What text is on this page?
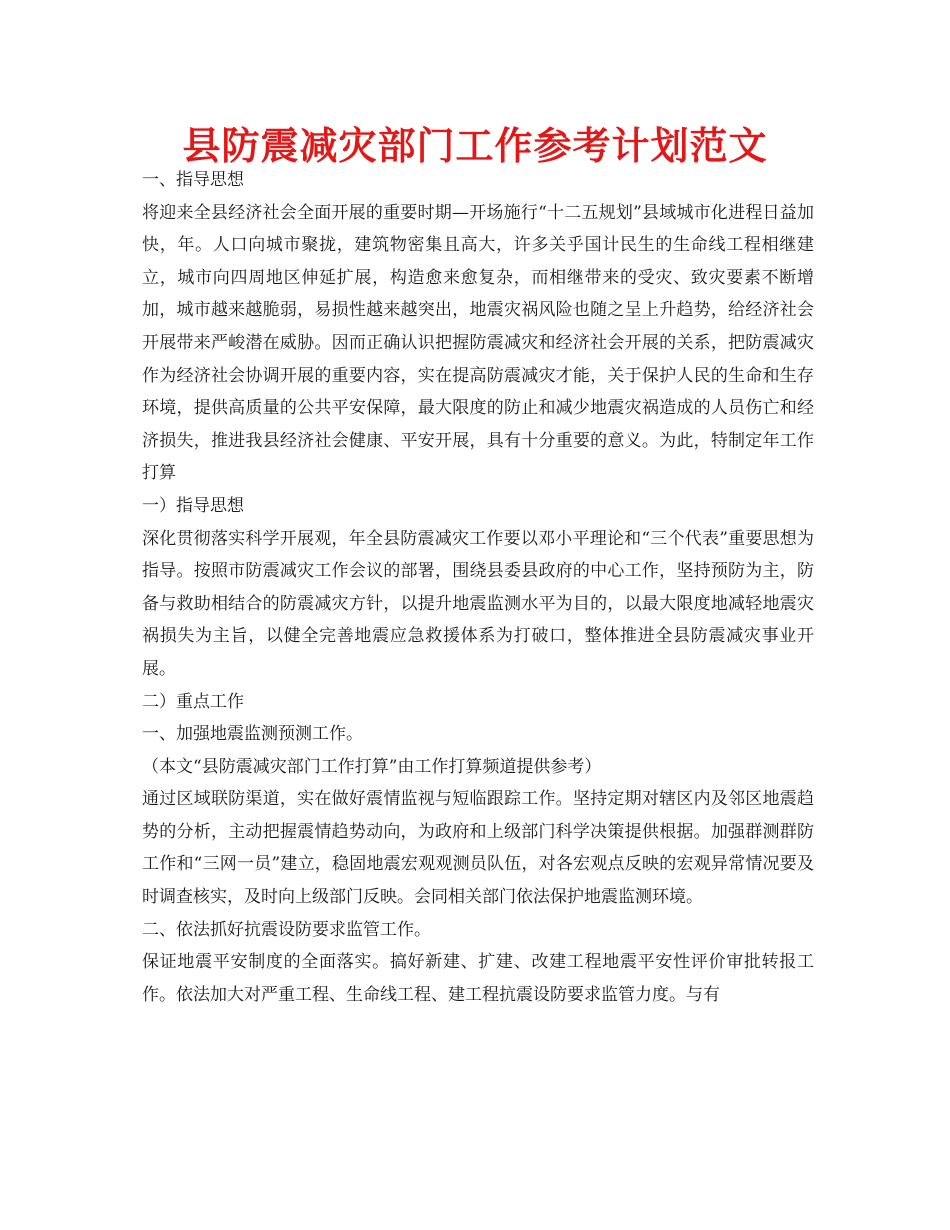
县防震减灾部门工作参考计划范文

一、指导思想

将迎来全县经济社会全面开展的重要时期—开场施行“十二五规划”县域城市化进程日益加快，年。人口向城市聚拢，建筑物密集且高大，许多关乎国计民生的生命线工程相继建立，城市向四周地区伸延扩展，构造愈来愈复杂，而相继带来的受灾、致灾要素不断增加，城市越来越脆弱，易损性越来越突出，地震灾祸风险也随之呈上升趋势，给经济社会开展带来严峻潜在威胁。因而正确认识把握防震减灾和经济社会开展的关系，把防震减灾作为经济社会协调开展的重要内容，实在提高防震减灾才能，关于保护人民的生命和生存环境，提供高质量的公共平安保障，最大限度的防止和减少地震灾祸造成的人员伤亡和经济损失，推进我县经济社会健康、平安开展，具有十分重要的意义。为此，特制定年工作打算

一）指导思想

深化贯彻落实科学开展观，年全县防震减灾工作要以邓小平理论和“三个代表”重要思想为指导。按照市防震减灾工作会议的部署，围绕县委县政府的中心工作，坚持预防为主，防备与救助相结合的防震减灾方针，以提升地震监测水平为目的，以最大限度地减轻地震灾祸损失为主旨，以健全完善地震应急救援体系为打破口，整体推进全县防震减灾事业开展。

二）重点工作

一、加强地震监测预测工作。

（本文“县防震减灾部门工作打算”由工作打算频道提供参考）

通过区域联防渠道，实在做好震情监视与短临跟踪工作。坚持定期对辖区内及邻区地震趋势的分析，主动把握震情趋势动向，为政府和上级部门科学决策提供根据。加强群测群防工作和“三网一员”建立，稳固地震宏观观测员队伍，对各宏观点反映的宏观异常情况要及时调查核实，及时向上级部门反映。会同相关部门依法保护地震监测环境。

二、依法抓好抗震设防要求监管工作。

保证地震平安制度的全面落实。搞好新建、扩建、改建工程地震平安性评价审批转报工作。依法加大对严重工程、生命线工程、建工程抗震设防要求监管力度。与有
